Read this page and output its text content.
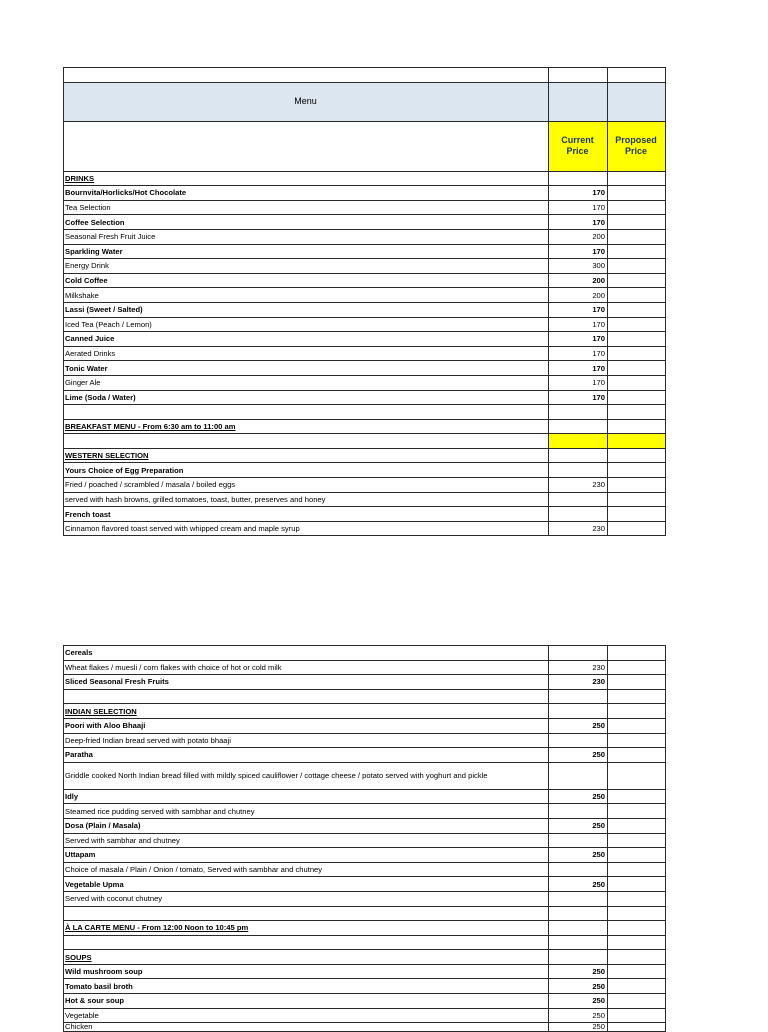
Menu		
	Current Price	Proposed Price
DRINKS		
Bournvita/Horlicks/Hot Chocolate	170	
Tea Selection	170	
Coffee Selection	170	
Seasonal Fresh Fruit Juice	200	
Sparkling Water	170	
Energy Drink	300	
Cold Coffee	200	
Milkshake	200	
Lassi (Sweet / Salted)	170	
Iced Tea (Peach / Lemon)	170	
Canned Juice	170	
Aerated Drinks	170	
Tonic Water	170	
Ginger Ale	170	
Lime (Soda / Water)	170	

BREAKFAST MENU - From 6:30 am to 11:00 am		

WESTERN SELECTION		
Yours Choice of Egg Preparation		
Fried / poached / scrambled / masala / boiled eggs	230	
served with hash browns, grilled tomatoes, toast, butter, preserves and honey		
French toast		
Cinnamon flavored toast served with whipped cream and maple syrup	230	
Cereals		
Wheat flakes / muesli / corn flakes with choice of hot or cold milk	230	
Sliced Seasonal Fresh Fruits	230	

INDIAN SELECTION		
Poori with Aloo Bhaaji	250	
Deep-fried Indian bread served with potato bhaaji		
Paratha	250	
Griddle cooked North Indian bread filled with mildly spiced cauliflower / cottage cheese / potato served with yoghurt and pickle		
Idly	250	
Steamed rice pudding served with sambhar and chutney		
Dosa (Plain / Masala)	250	
Served with sambhar and chutney		
Uttapam	250	
Choice of masala / Plain / Onion / tomato, Served with sambhar and chutney		
Vegetable Upma	250	
Served with coconut chutney		

À LA CARTE MENU - From 12:00 Noon to 10:45 pm		

SOUPS		
Wild mushroom soup	250	
Tomato basil broth	250	
Hot & sour soup	250	
Vegetable	250	
Chicken	250	
